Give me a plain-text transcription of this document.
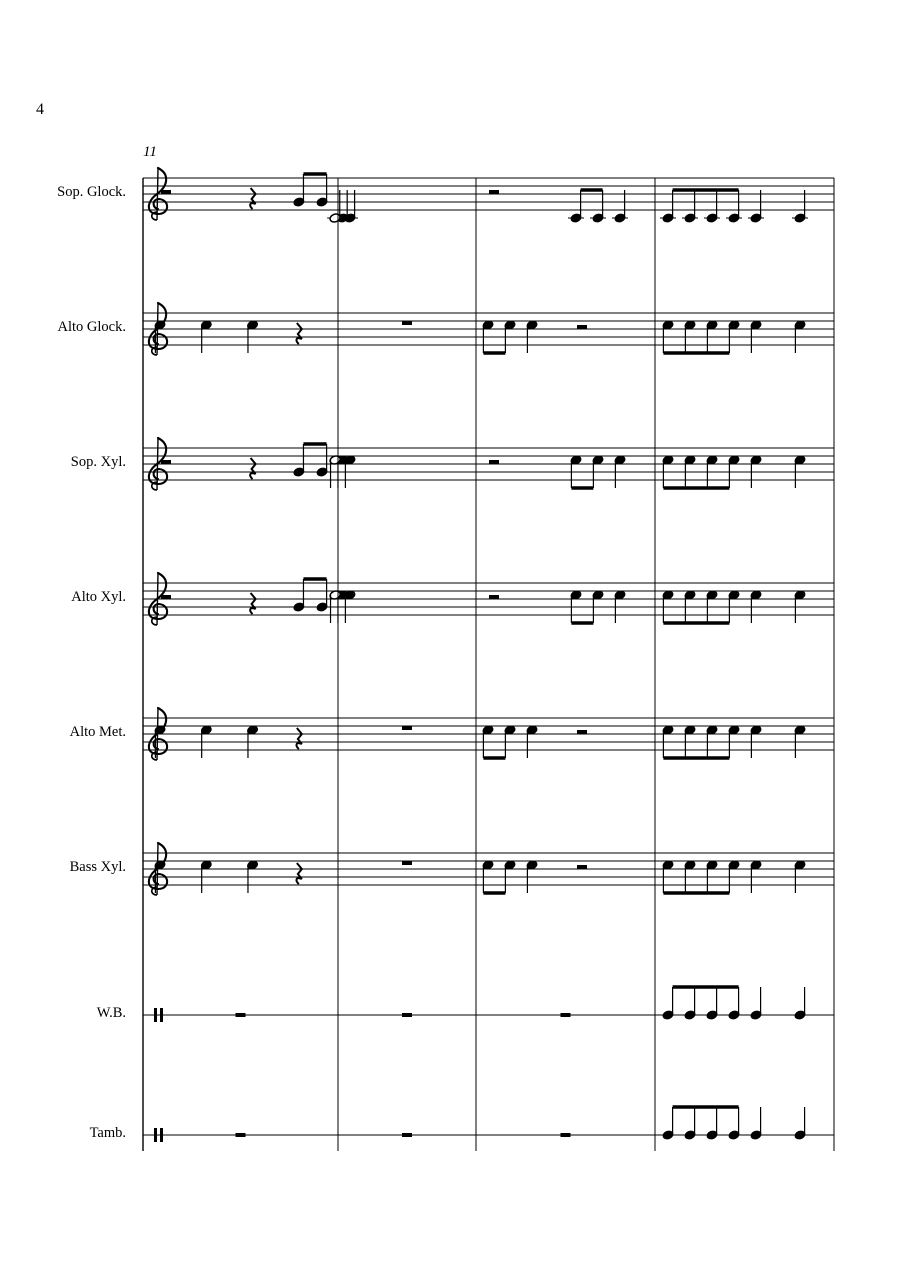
4
11
Sop. Glock.
Alto Glock.
Sop. Xyl.
Alto Xyl.
Alto Met.
Bass Xyl.
W.B.
Tamb.
